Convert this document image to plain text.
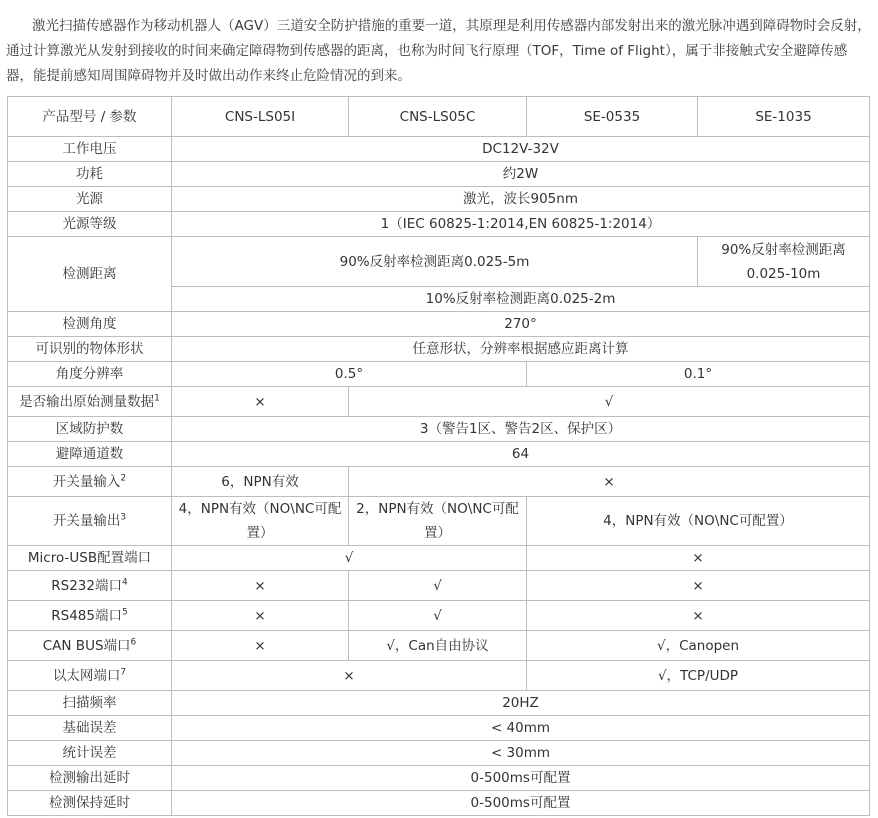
激光扫描传感器作为移动机器人（AGV）三道安全防护措施的重要一道，其原理是利用传感器内部发射出来的激光脉冲遇到障碍物时会反射，通过计算激光从发射到接收的时间来确定障碍物到传感器的距离，也称为时间飞行原理（TOF，Time of Flight），属于非接触式安全避障传感器，能提前感知周围障碍物并及时做出动作来终止危险情况的到来。

产品型号 / 参数	CNS-LS05I	CNS-LS05C	SE-0535	SE-1035
工作电压	DC12V-32V			
功耗	约2W			
光源	激光，波长905nm			
光源等级	1（IEC 60825-1:2014,EN 60825-1:2014）			
检测距离	90%反射率检测距离0.025-5m			90%反射率检测距离0.025-10m
	10%反射率检测距离0.025-2m			
检测角度	270°			
可识别的物体形状	任意形状，分辨率根据感应距离计算			
角度分辨率	0.5°		0.1°	
是否输出原始测量数据$^1$	×	√		
区域防护数	3（警告1区、警告2区、保护区）			
避障通道数	64			
开关量输入$^2$	6，NPN有效	×		
开关量输出$^3$	4，NPN有效（NO\NC可配置）	2，NPN有效（NO\NC可配置）	4，NPN有效（NO\NC可配置）	
Micro-USB配置端口	√		×	
RS232端口$^4$	×	√	×	
RS485端口$^5$	×	√	×	
CAN BUS端口$^6$	×	√，Can自由协议	√，Canopen	
以太网端口$^7$	×		√，TCP/UDP	
扫描频率	20HZ			
基础误差	< 40mm			
统计误差	< 30mm			
检测输出延时	0-500ms可配置			
检测保持延时	0-500ms可配置			
